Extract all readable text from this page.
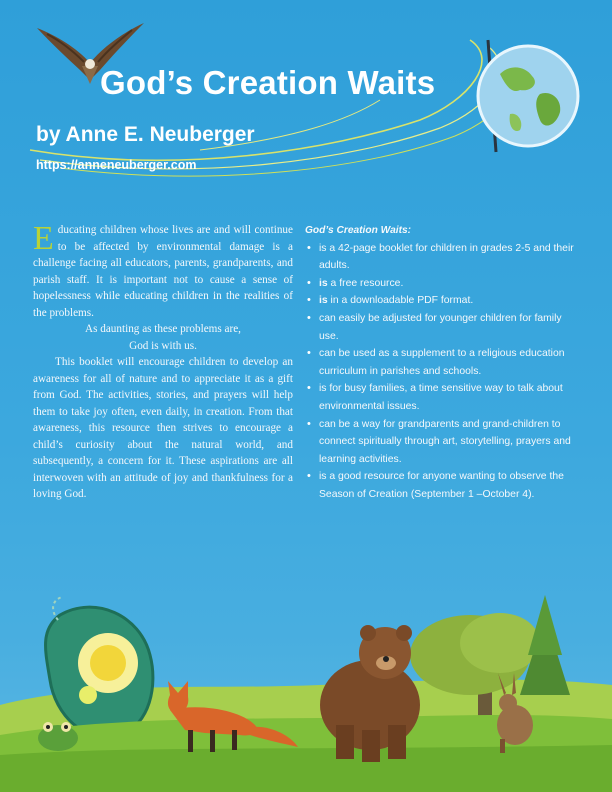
God’s Creation Waits
by Anne E. Neuberger
https://anneneuberger.com
E ducating children whose lives are and will continue to be affected by environmental damage is a challenge facing all educators, parents, grandparents, and parish staff. It is important not to cause a sense of hopelessness while educating children in the realities of the problems.

As daunting as these problems are,

God is with us.

This booklet will encourage children to develop an awareness for all of nature and to appreciate it as a gift from God. The activities, stories, and prayers will help them to take joy often, even daily, in creation. From that awareness, this resource then strives to encourage a child’s curiosity about the natural world, and subsequently, a concern for it. These aspirations are all interwoven with an attitude of joy and thankfulness for a loving God.

God’s Creation Waits:
• is a 42-page booklet for children in grades 2-5 and their adults.
• is a free resource.
• is in a downloadable PDF format.
• can easily be adjusted for younger children for family use.
• can be used as a supplement to a religious education curriculum in parishes and schools.
• is for busy families, a time sensitive way to talk about environmental issues.
• can be a way for grandparents and grand-children to connect spiritually through art, storytelling, prayers and learning activities.
• is a good resource for anyone wanting to observe the Season of Creation (September 1 –October 4).
